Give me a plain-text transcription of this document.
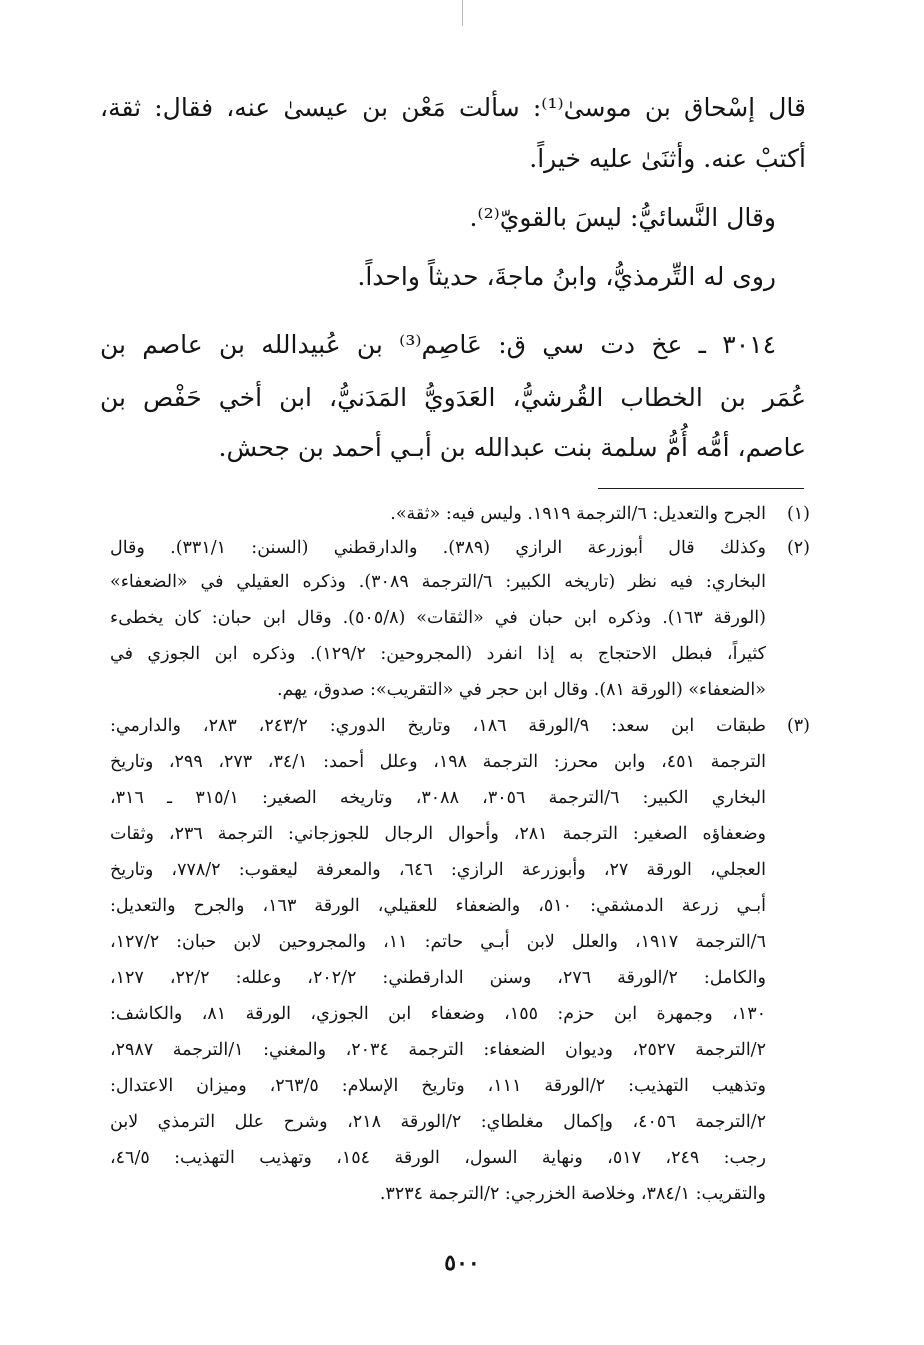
قال إسْحاق بن موسىٰ⁽¹⁾: سألت مَعْن بن عيسىٰ عنه، فقال: ثقة،
أكتبْ عنه. وأثنَىٰ عليه خيراً.
وقال النَّسائيُّ: ليسَ بالقويّ⁽²⁾.
روى له التِّرمذيُّ، وابنُ ماجةَ، حديثاً واحداً.
٣٠١٤ ـ عخ دت سي ق: عَاصِم⁽³⁾ بن عُبيدالله بن عاصم بن
عُمَر بن الخطاب القُرشيُّ، العَدَويُّ المَدَنيُّ، ابن أخي حَفْص بن
عاصم، أمُّه أُمُّ سلمة بنت عبدالله بن أبـي أحمد بن جحش.
(١)
الجرح والتعديل: ٦/الترجمة ١٩١٩. وليس فيه: «ثقة».
(٢)
وكذلك قال أبوزرعة الرازي (٣٨٩). والدارقطني (السنن: ٣٣١/١). وقال
البخاري: فيه نظر (تاريخه الكبير: ٦/الترجمة ٣٠٨٩). وذكره العقيلي في «الضعفاء»
(الورقة ١٦٣). وذكره ابن حبان في «الثقات» (٥٠٥/٨). وقال ابن حبان: كان يخطىء
كثيراً، فبطل الاحتجاج به إذا انفرد (المجروحين: ١٢٩/٢). وذكره ابن الجوزي في
«الضعفاء» (الورقة ٨١). وقال ابن حجر في «التقريب»: صدوق، يهم.
(٣)
طبقات ابن سعد: ٩/الورقة ١٨٦، وتاريخ الدوري: ٢٤٣/٢، ٢٨٣، والدارمي:
الترجمة ٤٥١، وابن محرز: الترجمة ١٩٨، وعلل أحمد: ٣٤/١، ٢٧٣، ٢٩٩، وتاريخ
البخاري الكبير: ٦/الترجمة ٣٠٥٦، ٣٠٨٨، وتاريخه الصغير: ٣١٥/١ ـ ٣١٦،
وضعفاؤه الصغير: الترجمة ٢٨١، وأحوال الرجال للجوزجاني: الترجمة ٢٣٦، وثقات
العجلي، الورقة ٢٧، وأبوزرعة الرازي: ٦٤٦، والمعرفة ليعقوب: ٧٧٨/٢، وتاريخ
أبـي زرعة الدمشقي: ٥١٠، والضعفاء للعقيلي، الورقة ١٦٣، والجرح والتعديل:
٦/الترجمة ١٩١٧، والعلل لابن أبـي حاتم: ١١، والمجروحين لابن حبان: ١٢٧/٢،
والكامل: ٢/الورقة ٢٧٦، وسنن الدارقطني: ٢٠٢/٢، وعلله: ٢٢/٢، ١٢٧،
١٣٠، وجمهرة ابن حزم: ١٥٥، وضعفاء ابن الجوزي، الورقة ٨١، والكاشف:
٢/الترجمة ٢٥٢٧، وديوان الضعفاء: الترجمة ٢٠٣٤، والمغني: ١/الترجمة ٢٩٨٧،
وتذهيب التهذيب: ٢/الورقة ١١١، وتاريخ الإسلام: ٢٦٣/٥، وميزان الاعتدال:
٢/الترجمة ٤٠٥٦، وإكمال مغلطاي: ٢/الورقة ٢١٨، وشرح علل الترمذي لابن
رجب: ٢٤٩، ٥١٧، ونهاية السول، الورقة ١٥٤، وتهذيب التهذيب: ٤٦/٥،
والتقريب: ٣٨٤/١، وخلاصة الخزرجي: ٢/الترجمة ٣٢٣٤.
٥٠٠
